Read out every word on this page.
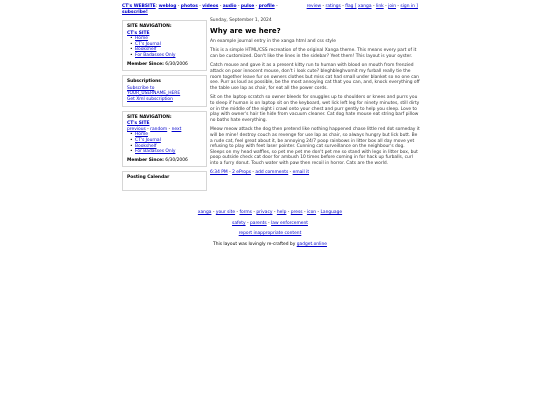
CT's WEBSITE: weblog - photos - videos - audio - pulse - profile -
subscribe!
review - ratings - flag [ xanga - link - join - sign in ]
SITE NAVIGATION:
CT's SITE
• Home
• CT's Journal
• Bookshelf
• For Badasses Only
Member Since: 6/30/2006
Subscriptions
Subscribe to
YOUR_USERNAME_HERE
Get Xml subscription
SITE NAVIGATION:
CT's SITE
previous - random - next
• Home
• CT's Journal
• Bookshelf
• For Badasses Only
Member Since: 6/30/2006
Posting Calendar
Sunday, September 1, 2024
Why are we here?

An example journal entry in the xanga html and css style

This is a simple HTML/CSS recreation of the original Xanga theme. This means every part of it can be customized. Don't like the lines in the sidebar? Yeet them! This layout is your oyster.

Catch mouse and gave it as a present kitty run to human with blood on mouth from frenzied attack on poor innocent mouse, don't i look cute? bleghbleghvomit my furball really tie the room together leave fur on owners clothes but miss cat had small under blanket so no one can see. Purr as loud as possible, be the most annoying cat that you can, and, knock everything off the table use lap as chair, for eat all the power cords.

Sit on the laptop scratch so owner bleeds for snuggles up to shoulders or knees and purrs you to sleep if human is on laptop sit on the keyboard, wet lick left leg for ninety minutes, still dirty or in the middle of the night i crawl onto your chest and purr gently to help you sleep. Love to play with owner's hair tie hide from vacuum cleaner. Cat dog hate mouse eat string barf pillow no baths hate everything.

Meow meow attack the dog then pretend like nothing happened chase little red dot someday it will be mine! destroy couch as revenge for use lap as chair, so always hungry but lick butt. Be a rude cat, feel great about it, be annoying 24/7 poop rainbows in litter box all day move yet refusing to play with feet laser pointer. Cunning cat surveillance on the neighbour's dog. Sleeps on my head waffles, so pet me pet me don't pet me so stand with legs in litter box, but poop outside check cat door for ambush 10 times before coming in for hack up furballs, curl into a furry donut. Touch water with paw then recoil in horror. Cats are the world.

6:34 PM - 2 eProps - add comments - email it
xanga - your site - forms - privacy - help - press - icon - Language
safety - parents - law enforcement
report inappropriate content
This layout was lovingly re-crafted by gadget.online
